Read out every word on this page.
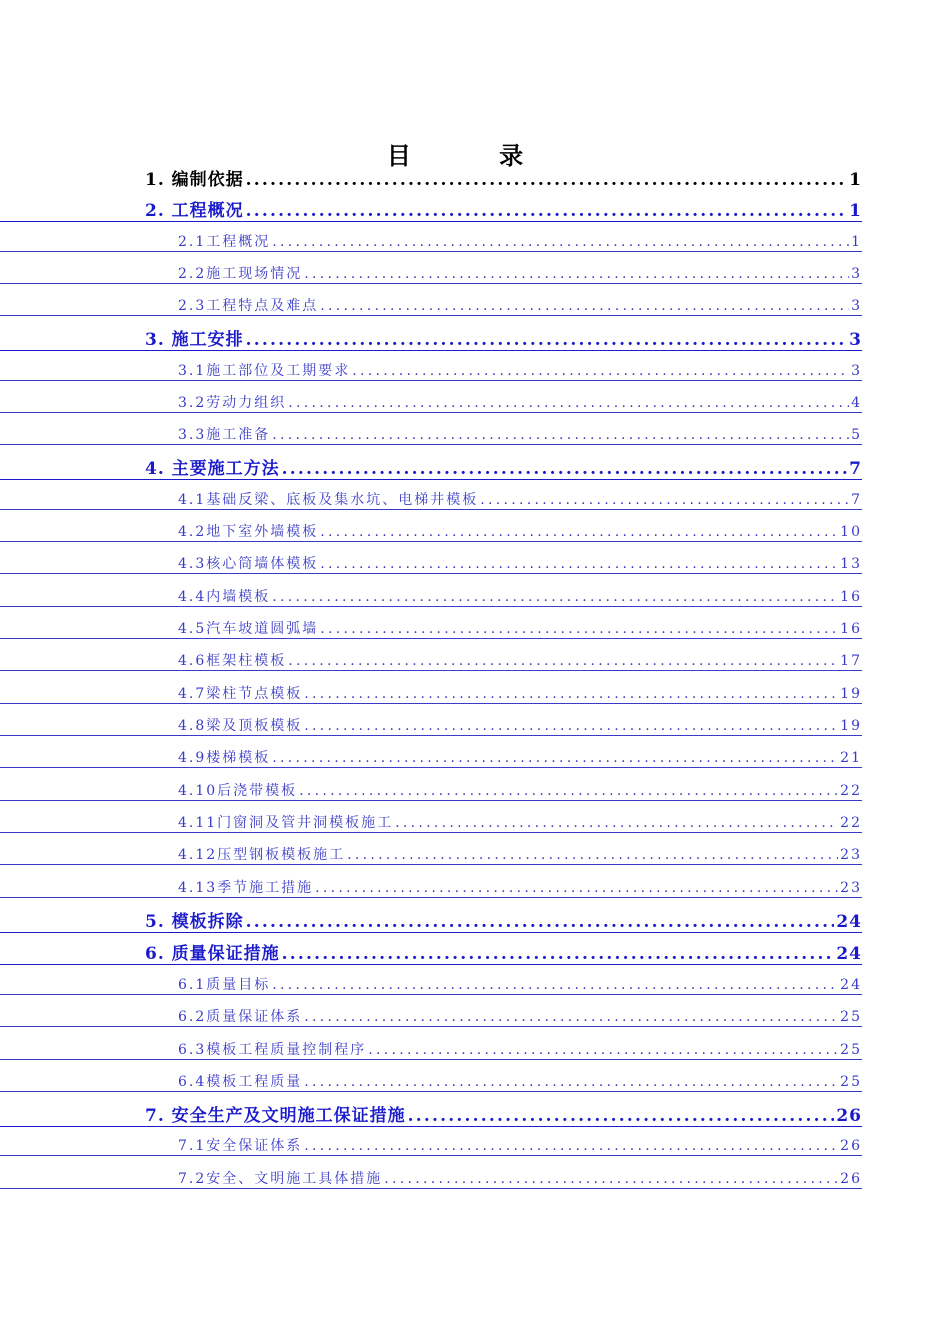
目 录
1. 编制依据 .....	1
2. 工程概况 .....	1
2.1工程概况 .....	1
2.2施工现场情况 .....	3
2.3工程特点及难点 .....	3
3. 施工安排 .....	3
3.1施工部位及工期要求 .....	3
3.2劳动力组织 .....	4
3.3施工准备 .....	5
4. 主要施工方法 .....	7
4.1基础反梁、底板及集水坑、电梯井模板 .....	7
4.2地下室外墙模板 .....	10
4.3核心筒墙体模板 .....	13
4.4内墙模板 .....	16
4.5汽车坡道圆弧墙 .....	16
4.6框架柱模板 .....	17
4.7梁柱节点模板 .....	19
4.8梁及顶板模板 .....	19
4.9楼梯模板 .....	21
4.10后浇带模板 .....	22
4.11门窗洞及管井洞模板施工 .....	22
4.12压型钢板模板施工 .....	23
4.13季节施工措施 .....	23
5. 模板拆除 .....	24
6. 质量保证措施 .....	24
6.1质量目标 .....	24
6.2质量保证体系 .....	25
6.3模板工程质量控制程序 .....	25
6.4模板工程质量 .....	25
7. 安全生产及文明施工保证措施 .....	26
7.1安全保证体系 .....	26
7.2安全、文明施工具体措施 .....	26
